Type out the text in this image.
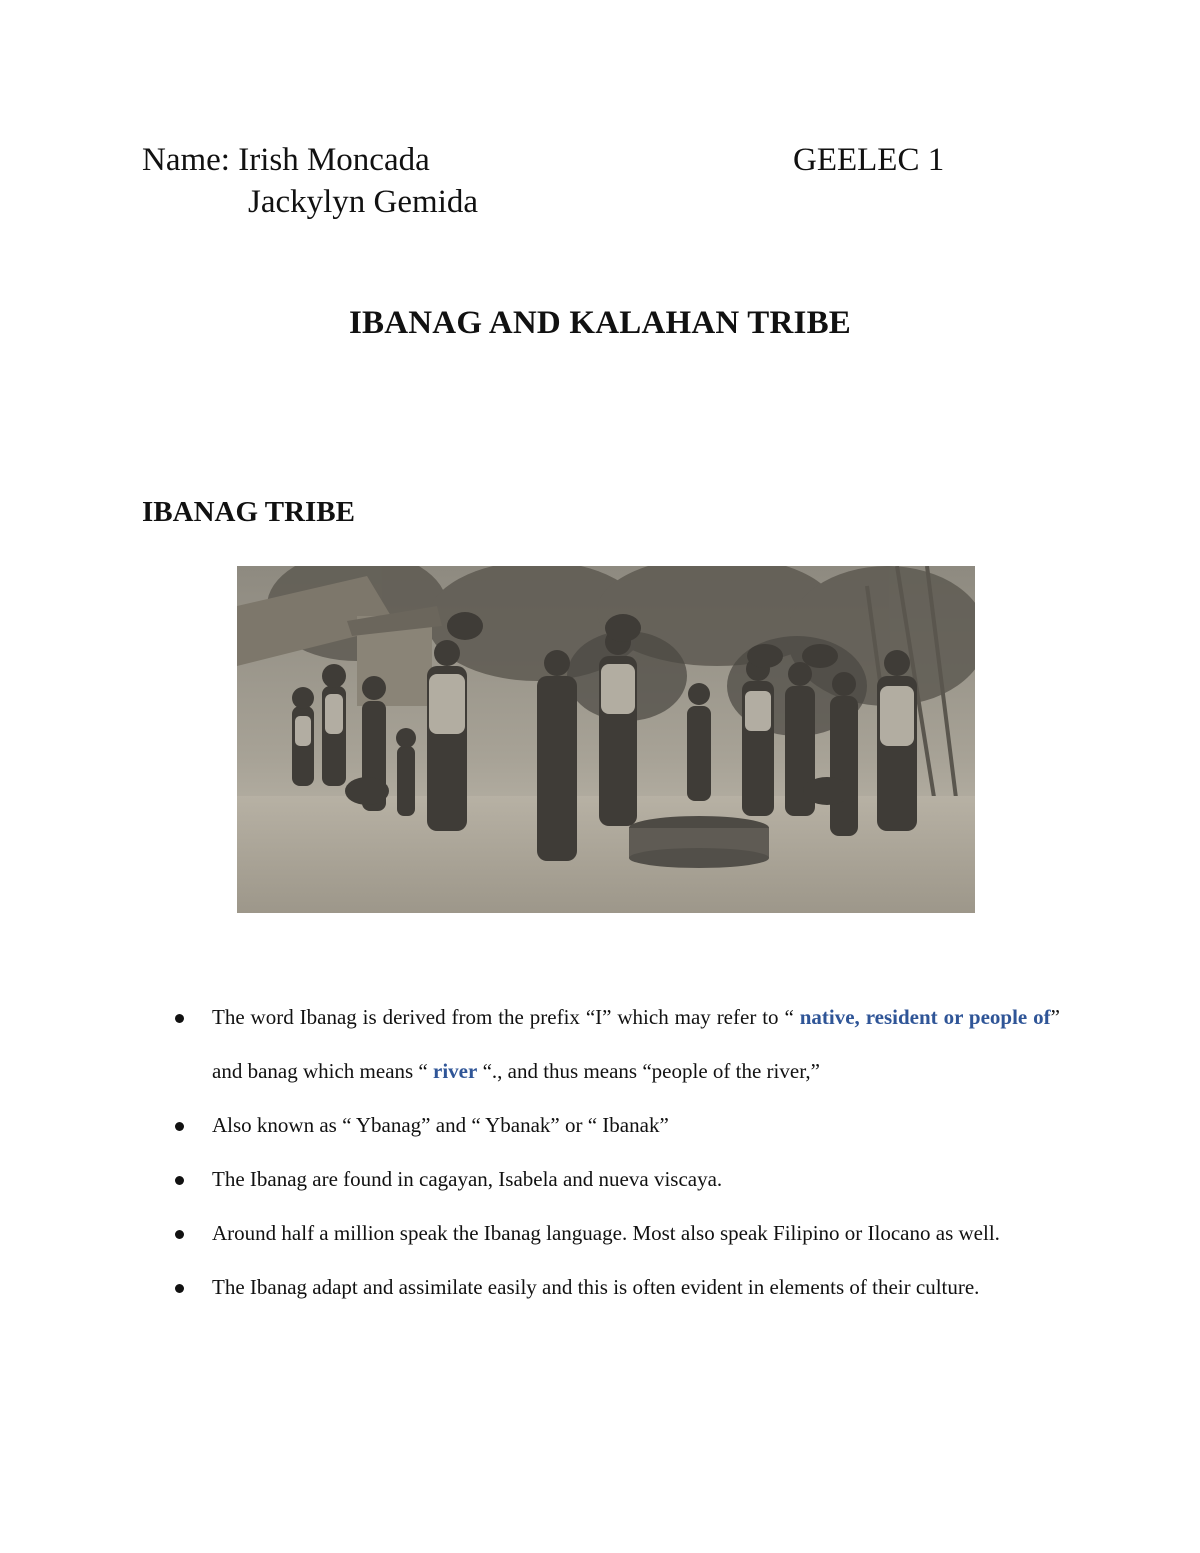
Name: Irish Moncada	GEELEC 1
Jackylyn Gemida
IBANAG AND KALAHAN TRIBE
IBANAG TRIBE
The word Ibanag is derived from the prefix “I” which may refer to “ native, resident or people of” and banag which means “ river “., and thus means “people of the river,”
Also known as “ Ybanag” and “ Ybanak” or “ Ibanak”
The Ibanag are found in cagayan, Isabela and nueva viscaya.
Around half a million speak the Ibanag language. Most also speak Filipino or Ilocano as well.
The Ibanag adapt and assimilate easily and this is often evident in elements of their culture.
